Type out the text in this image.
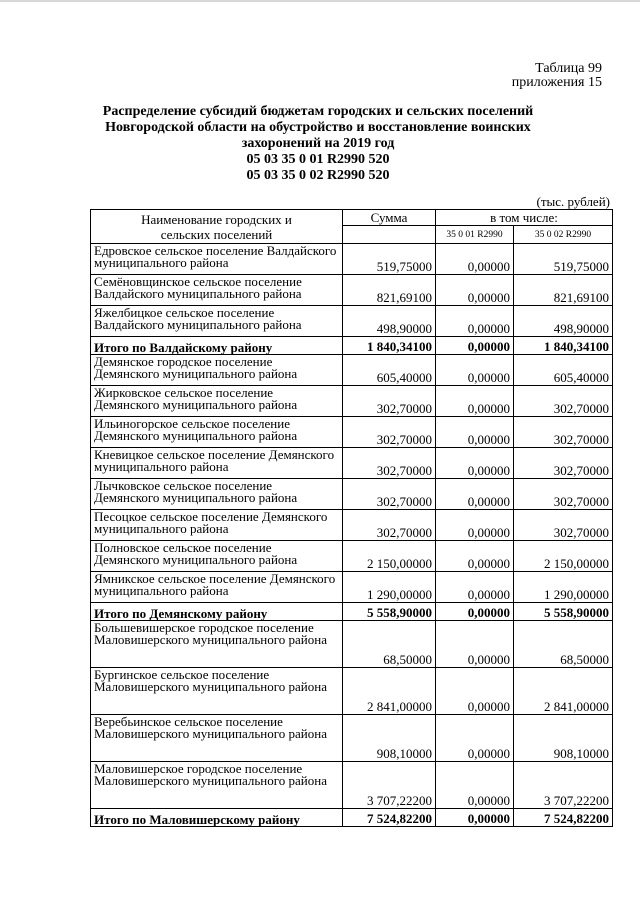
Таблица 99
приложения 15
Распределение субсидий бюджетам городских и сельских поселений Новгородской области на обустройство и восстановление воинских захоронений на 2019 год
05 03 35 0 01 R2990 520
05 03 35 0 02 R2990 520
(тыс. рублей)
Наименование городских и сельских поселений	Сумма	в том числе:	
		35 0 01 R2990	35 0 02 R2990
Едровское сельское поселение Валдайского муниципального района	519,75000	0,00000	519,75000
Семёновщинское сельское поселение Валдайского муниципального района	821,69100	0,00000	821,69100
Яжелбицкое сельское поселение Валдайского муниципального района	498,90000	0,00000	498,90000
Итого по Валдайскому району	1 840,34100	0,00000	1 840,34100
Демянское городское поселение Демянского муниципального района	605,40000	0,00000	605,40000
Жирковское сельское поселение Демянского муниципального района	302,70000	0,00000	302,70000
Ильиногорское сельское поселение Демянского муниципального района	302,70000	0,00000	302,70000
Кневицкое сельское поселение Демянского муниципального района	302,70000	0,00000	302,70000
Лычковское сельское поселение Демянского муниципального района	302,70000	0,00000	302,70000
Песоцкое сельское поселение Демянского муниципального района	302,70000	0,00000	302,70000
Полновское сельское поселение Демянского муниципального района	2 150,00000	0,00000	2 150,00000
Ямникское сельское поселение Демянского муниципального района	1 290,00000	0,00000	1 290,00000
Итого по Демянскому району	5 558,90000	0,00000	5 558,90000
Большевишерское городское поселение Маловишерского муниципального района	68,50000	0,00000	68,50000
Бургинское сельское поселение Маловишерского муниципального района	2 841,00000	0,00000	2 841,00000
Веребьинское сельское поселение Маловишерского муниципального района	908,10000	0,00000	908,10000
Маловишерское городское поселение Маловишерского муниципального района	3 707,22200	0,00000	3 707,22200
Итого по Маловишерскому району	7 524,82200	0,00000	7 524,82200
